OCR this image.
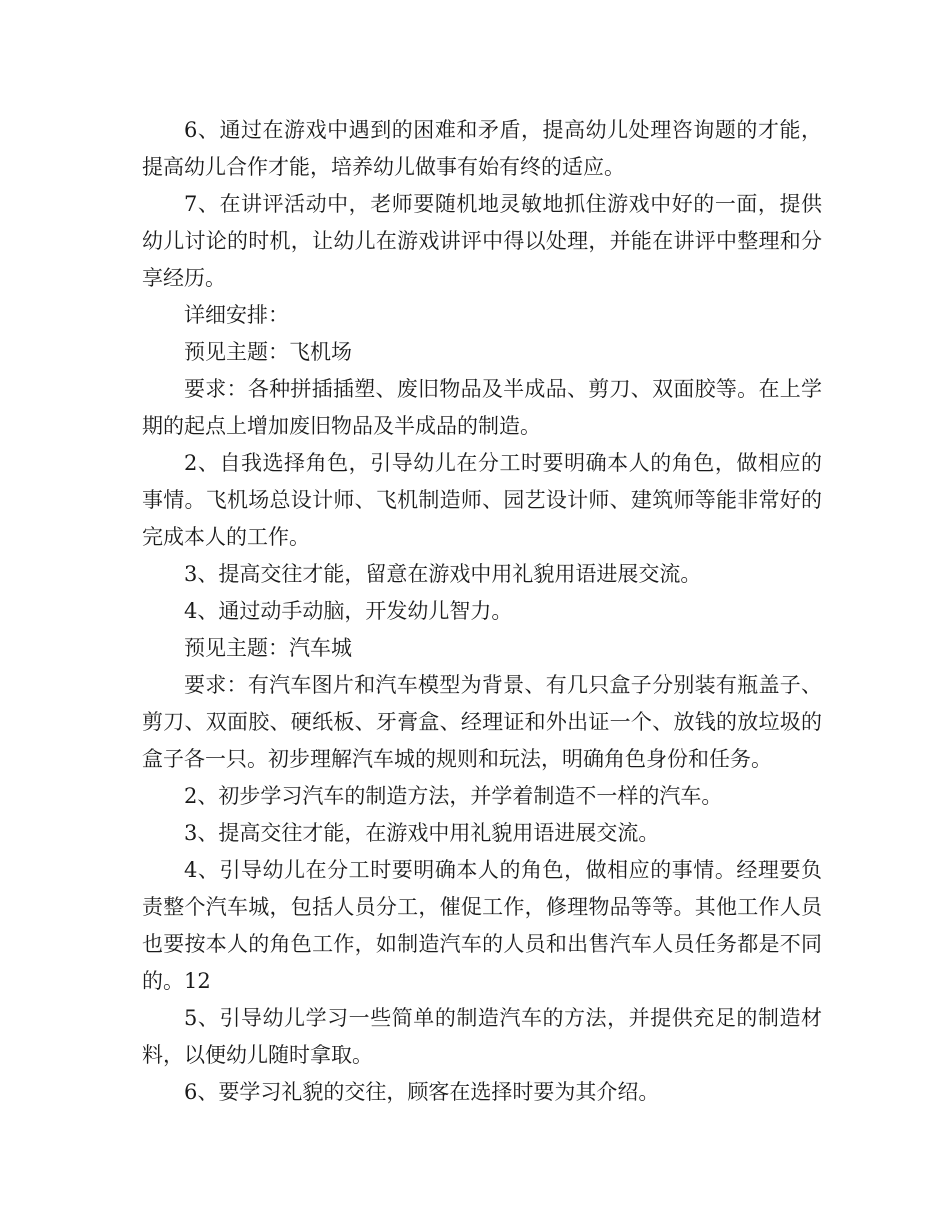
6、通过在游戏中遇到的困难和矛盾，提高幼儿处理咨询题的才能，提高幼儿合作才能，培养幼儿做事有始有终的适应。

7、在讲评活动中，老师要随机地灵敏地抓住游戏中好的一面，提供幼儿讨论的时机，让幼儿在游戏讲评中得以处理，并能在讲评中整理和分享经历。

详细安排：

预见主题：飞机场

要求：各种拼插插塑、废旧物品及半成品、剪刀、双面胶等。在上学期的起点上增加废旧物品及半成品的制造。

2、自我选择角色，引导幼儿在分工时要明确本人的角色，做相应的事情。飞机场总设计师、飞机制造师、园艺设计师、建筑师等能非常好的完成本人的工作。

3、提高交往才能，留意在游戏中用礼貌用语进展交流。

4、通过动手动脑，开发幼儿智力。

预见主题：汽车城

要求：有汽车图片和汽车模型为背景、有几只盒子分别装有瓶盖子、剪刀、双面胶、硬纸板、牙膏盒、经理证和外出证一个、放钱的放垃圾的盒子各一只。初步理解汽车城的规则和玩法，明确角色身份和任务。

2、初步学习汽车的制造方法，并学着制造不一样的汽车。

3、提高交往才能，在游戏中用礼貌用语进展交流。

4、引导幼儿在分工时要明确本人的角色，做相应的事情。经理要负责整个汽车城，包括人员分工，催促工作，修理物品等等。其他工作人员也要按本人的角色工作，如制造汽车的人员和出售汽车人员任务都是不同的。12

5、引导幼儿学习一些简单的制造汽车的方法，并提供充足的制造材料，以便幼儿随时拿取。

6、要学习礼貌的交往，顾客在选择时要为其介绍。
